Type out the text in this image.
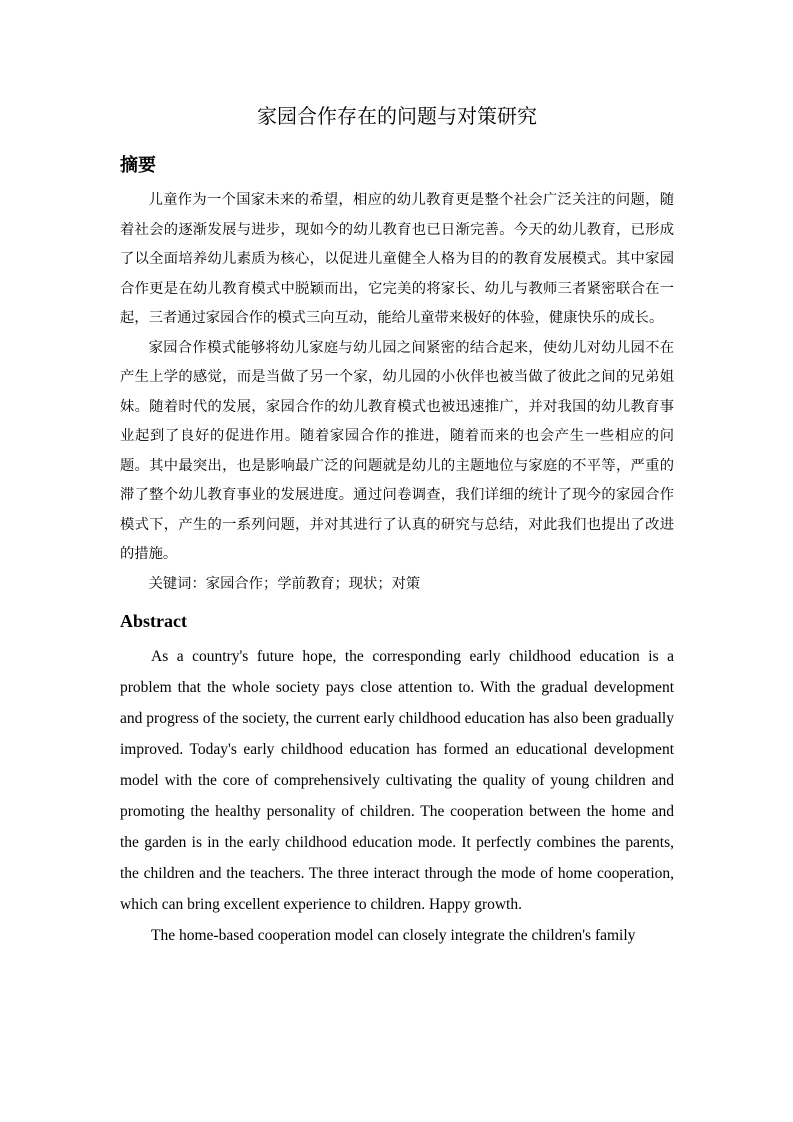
家园合作存在的问题与对策研究
摘要

儿童作为一个国家未来的希望，相应的幼儿教育更是整个社会广泛关注的问题，随着社会的逐渐发展与进步，现如今的幼儿教育也已日渐完善。今天的幼儿教育，已形成了以全面培养幼儿素质为核心，以促进儿童健全人格为目的的教育发展模式。其中家园合作更是在幼儿教育模式中脱颖而出，它完美的将家长、幼儿与教师三者紧密联合在一起，三者通过家园合作的模式三向互动，能给儿童带来极好的体验，健康快乐的成长。

家园合作模式能够将幼儿家庭与幼儿园之间紧密的结合起来，使幼儿对幼儿园不在产生上学的感觉，而是当做了另一个家，幼儿园的小伙伴也被当做了彼此之间的兄弟姐妹。随着时代的发展，家园合作的幼儿教育模式也被迅速推广，并对我国的幼儿教育事业起到了良好的促进作用。随着家园合作的推进，随着而来的也会产生一些相应的问题。其中最突出，也是影响最广泛的问题就是幼儿的主题地位与家庭的不平等，严重的滞了整个幼儿教育事业的发展进度。通过问卷调查，我们详细的统计了现今的家园合作模式下，产生的一系列问题，并对其进行了认真的研究与总结，对此我们也提出了改进的措施。

关键词：家园合作；学前教育；现状；对策

Abstract

As a country's future hope, the corresponding early childhood education is a problem that the whole society pays close attention to. With the gradual development and progress of the society, the current early childhood education has also been gradually improved. Today's early childhood education has formed an educational development model with the core of comprehensively cultivating the quality of young children and promoting the healthy personality of children. The cooperation between the home and the garden is in the early childhood education mode. It perfectly combines the parents, the children and the teachers. The three interact through the mode of home cooperation, which can bring excellent experience to children. Happy growth.

The home-based cooperation model can closely integrate the children's family
